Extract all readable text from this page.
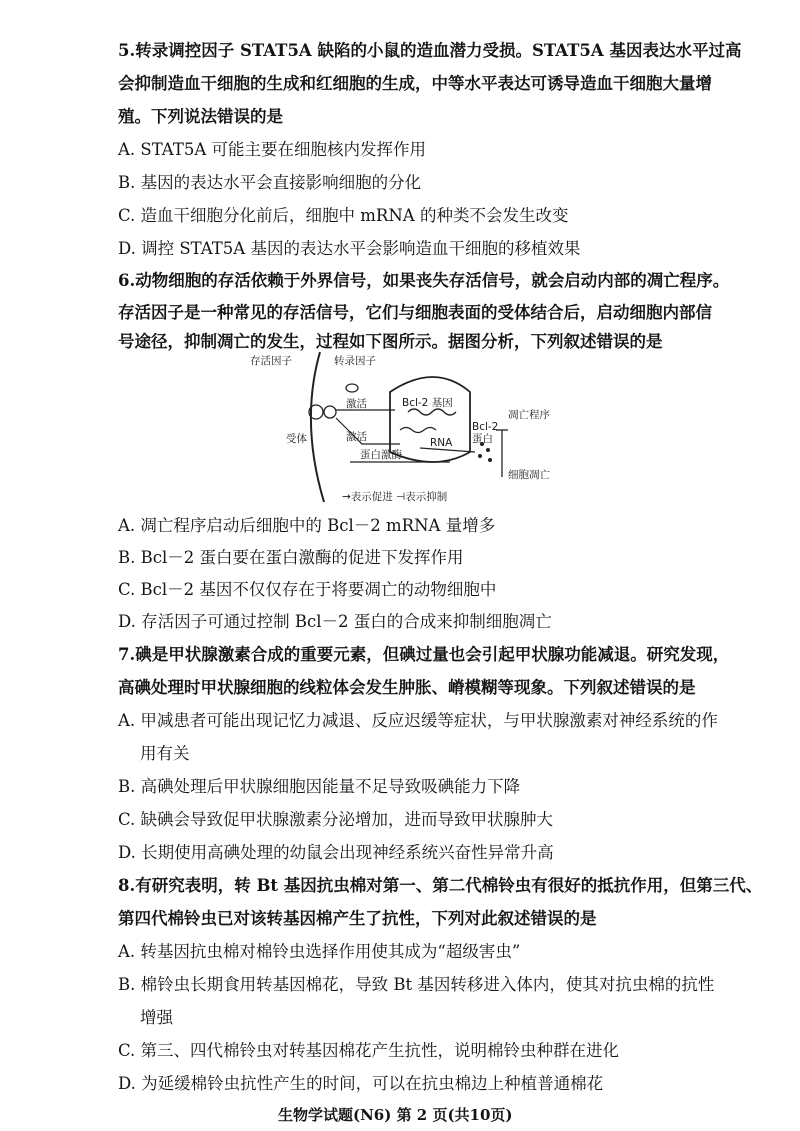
5.转录调控因子 STAT5A 缺陷的小鼠的造血潜力受损。STAT5A 基因表达水平过高
会抑制造血干细胞的生成和红细胞的生成，中等水平表达可诱导造血干细胞大量增
殖。下列说法错误的是
A. STAT5A 可能主要在细胞核内发挥作用
B. 基因的表达水平会直接影响细胞的分化
C. 造血干细胞分化前后，细胞中 mRNA 的种类不会发生改变
D. 调控 STAT5A 基因的表达水平会影响造血干细胞的移植效果
6.动物细胞的存活依赖于外界信号，如果丧失存活信号，就会启动内部的凋亡程序。
存活因子是一种常见的存活信号，它们与细胞表面的受体结合后，启动细胞内部信
号途径，抑制凋亡的发生，过程如下图所示。据图分析，下列叙述错误的是
存活因子	转录因子
激活
激活
受体
Bcl-2 基因
RNA
Bcl-2
蛋白
蛋白激酶
凋亡程序
细胞凋亡
→表示促进 ⊣表示抑制
A. 凋亡程序启动后细胞中的 Bcl－2 mRNA 量增多
B. Bcl－2 蛋白要在蛋白激酶的促进下发挥作用
C. Bcl－2 基因不仅仅存在于将要凋亡的动物细胞中
D. 存活因子可通过控制 Bcl－2 蛋白的合成来抑制细胞凋亡
7.碘是甲状腺激素合成的重要元素，但碘过量也会引起甲状腺功能减退。研究发现，
高碘处理时甲状腺细胞的线粒体会发生肿胀、嵴模糊等现象。下列叙述错误的是
A. 甲减患者可能出现记忆力减退、反应迟缓等症状，与甲状腺激素对神经系统的作
用有关
B. 高碘处理后甲状腺细胞因能量不足导致吸碘能力下降
C. 缺碘会导致促甲状腺激素分泌增加，进而导致甲状腺肿大
D. 长期使用高碘处理的幼鼠会出现神经系统兴奋性异常升高
8.有研究表明，转 Bt 基因抗虫棉对第一、第二代棉铃虫有很好的抵抗作用，但第三代、
第四代棉铃虫已对该转基因棉产生了抗性，下列对此叙述错误的是
A. 转基因抗虫棉对棉铃虫选择作用使其成为“超级害虫”
B. 棉铃虫长期食用转基因棉花，导致 Bt 基因转移进入体内，使其对抗虫棉的抗性
增强
C. 第三、四代棉铃虫对转基因棉花产生抗性，说明棉铃虫种群在进化
D. 为延缓棉铃虫抗性产生的时间，可以在抗虫棉边上种植普通棉花
生物学试题(N6) 第 2 页(共10页)
